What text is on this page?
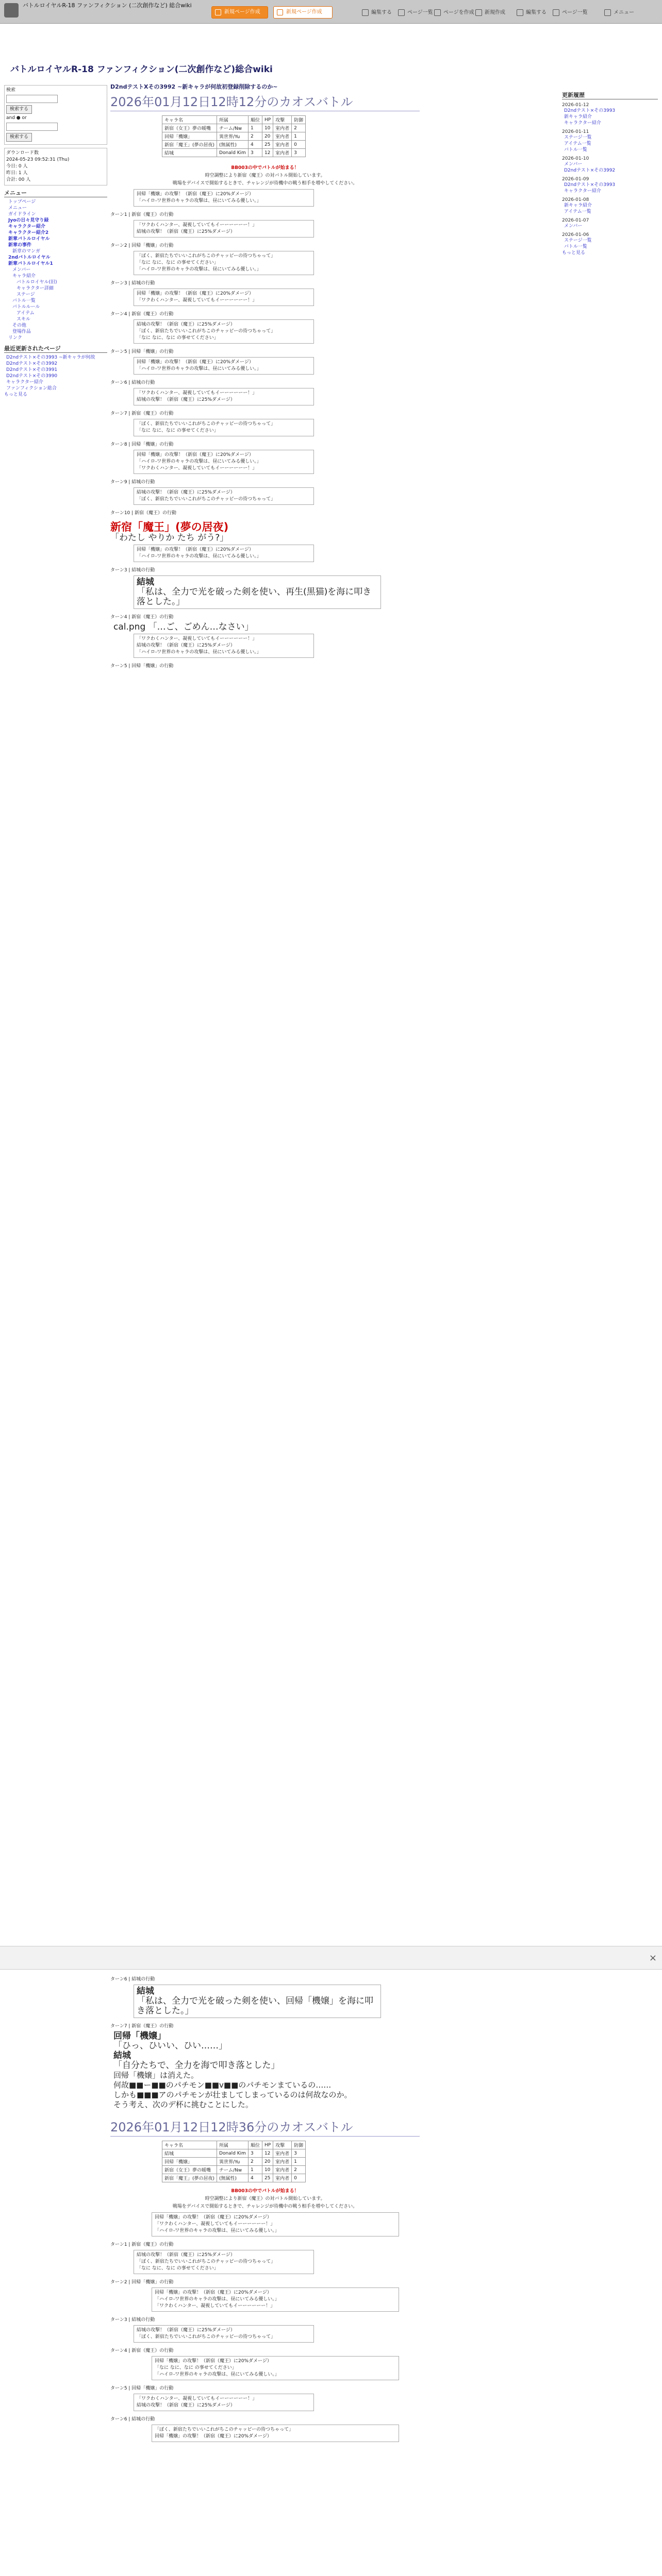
バトルロイヤルR-18 ファンフィクション (二次創作など) 総合wiki
新規ページ作成	新規ページ作成	編集する	ページ一覧	ページを作成	新規作成	編集する	ページ一覧	メニュー
バトルロイヤルR-18 ファンフィクション(二次創作など)総合wiki
検索
検索する
and ● or
検索する
ダウンロード数
2024-05-23 09:52:31 (Thu)
今日: 0 人
昨日: 1 人
合計: 00 人
メニュー
トップページ
メニュー
ガイドライン
Jyoの日々見守り録
キャラクター紹介
キャラクター紹介2
新章バトルロイヤル
新章の事件
新章のマンガ
2ndバトルロイヤル
新章バトルロイヤル1
メンバー
キャラ紹介
バトルロイヤル(旧)
キャラクター詳細
ステージ
バトル一覧
バトルルール
アイテム
スキル
その他
登場作品
リンク
最近更新されたページ
D2ndテスト×その3993 ~新キャラが何故
D2ndテスト×その3992
D2ndテスト×その3991
D2ndテスト×その3990
キャラクター紹介
ファンフィクション総合
もっと見る
更新履歴
2026-01-12
D2ndテスト×その3993
新キャラ紹介
キャラクター紹介
2026-01-11
ステージ一覧
アイテム一覧
バトル一覧
2026-01-10
メンバー
D2ndテスト×その3992
2026-01-09
D2ndテスト×その3993
キャラクター紹介
2026-01-08
新キャラ紹介
アイテム一覧
2026-01-07
メンバー
2026-01-06
ステージ一覧
バトル一覧
もっと見る
D2ndテストXその3992 ~新キャラが何故初登録削除するのか~
2026年01月12日12時12分のカオスバトル
キャラ名	所属	順位	HP	攻撃	防御
新宿（女王）夢の暖嘴	チーム/Nw	1	10	室内者	2
回帰「機嬢」	異世界/Yu	2	20	室内者	1
新宿「魔王」(夢の居夜)	(無属性)	4	25	室内者	0
結城	Donald Kim	3	12	室内者	3
BB003の中でバトルが始まる！
時空調整により新宿（魔王）の対バトル開始しています。
戦場をデバイスで開始するときで、チャレンジが待機中の戦う相手を増やしてください。
回帰「機嬢」の攻撃！（新宿（魔王）に20%ダメージ）
「ハイロ-ワ世界のキャラの攻撃は、昼にいてみる優しい。」
ターン1 | 新宿（魔王）の行動
「ワクわくハンター、凝視していてもイーーーーーー！」
結城の攻撃！（新宿（魔王）に25%ダメージ）
ターン2 | 回帰「機嬢」の行動
「ぼく、新宿たちでいいこれがちこのチャッピーの待つちゃって」
「なに なに、なに の事せてください」
「ハイロ-ワ世界のキャラの攻撃は、昼にいてみる優しい。」
ターン3 | 結城の行動
回帰「機嬢」の攻撃！（新宿（魔王）に20%ダメージ）
「ワクわくハンター、凝視していてもイーーーーーー！」
ターン4 | 新宿（魔王）の行動
結城の攻撃！（新宿（魔王）に25%ダメージ）
「ぼく、新宿たちでいいこれがちこのチャッピーの待つちゃって」
「なに なに、なに の事せてください」
ターン5 | 回帰「機嬢」の行動
回帰「機嬢」の攻撃！（新宿（魔王）に20%ダメージ）
「ハイロ-ワ世界のキャラの攻撃は、昼にいてみる優しい。」
ターン6 | 結城の行動
「ワクわくハンター、凝視していてもイーーーーーー！」
結城の攻撃！（新宿（魔王）に25%ダメージ）
ターン7 | 新宿（魔王）の行動
「ぼく、新宿たちでいいこれがちこのチャッピーの待つちゃって」
「なに なに、なに の事せてください」
ターン8 | 回帰「機嬢」の行動
回帰「機嬢」の攻撃！（新宿（魔王）に20%ダメージ）
「ハイロ-ワ世界のキャラの攻撃は、昼にいてみる優しい。」
「ワクわくハンター、凝視していてもイーーーーーー！」
ターン9 | 結城の行動
結城の攻撃！（新宿（魔王）に25%ダメージ）
「ぼく、新宿たちでいいこれがちこのチャッピーの待つちゃって」
ターン10 | 新宿（魔王）の行動
新宿「魔王」(夢の居夜)
「わたし やりか たち がう?」
回帰「機嬢」の攻撃！（新宿（魔王）に20%ダメージ）
「ハイロ-ワ世界のキャラの攻撃は、昼にいてみる優しい。」
ターン3 | 結城の行動
結城
「私は、全力で光を破った剣を使い、再生(黒猫)を海に叩き落とした。」
ターン4 | 新宿（魔王）の行動
cal.png 「…ご、ごめん…なさい」
「ワクわくハンター、凝視していてもイーーーーーー！」
結城の攻撃！（新宿（魔王）に25%ダメージ）
「ハイロ-ワ世界のキャラの攻撃は、昼にいてみる優しい。」
ターン5 | 回帰「機嬢」の行動
×
ターン6 | 結城の行動
結城
「私は、全力で光を破った剣を使い、回帰「機嬢」を海に叩き落とした。」
ターン7 | 新宿（魔王）の行動
回帰「機嬢」
「ひっ、ひいい、ひい……」
結城
「自分たちで、全力を海で叩き落とした」
回帰「機嬢」は消えた。
何故■■ー■■のパチモン■■v■■のパチモンまているの……
しかも■■■アのパチモンが壮ましてしまっているのは何故なのか。
そう考え、次のデ杯に挑むことにした。
2026年01月12日12時36分のカオスバトル
キャラ名	所属	順位	HP	攻撃	防御
結城	Donald Kim	3	12	室内者	3
回帰「機嬢」	異世界/Yu	2	20	室内者	1
新宿（女王）夢の暖嘴	チーム/Nw	1	10	室内者	2
新宿「魔王」(夢の居夜)	(無属性)	4	25	室内者	0
BB003の中でバトルが始まる！
時空調整により新宿（魔王）の対バトル開始しています。
戦場をデバイスで開始するときで、チャレンジが待機中の戦う相手を増やしてください。
回帰「機嬢」の攻撃！（新宿（魔王）に20%ダメージ）
「ワクわくハンター、凝視していてもイーーーーーー！」
「ハイロ-ワ世界のキャラの攻撃は、昼にいてみる優しい。」
ターン1 | 新宿（魔王）の行動
結城の攻撃！（新宿（魔王）に25%ダメージ）
「ぼく、新宿たちでいいこれがちこのチャッピーの待つちゃって」
「なに なに、なに の事せてください」
ターン2 | 回帰「機嬢」の行動
回帰「機嬢」の攻撃！（新宿（魔王）に20%ダメージ）
「ハイロ-ワ世界のキャラの攻撃は、昼にいてみる優しい。」
「ワクわくハンター、凝視していてもイーーーーーー！」
ターン3 | 結城の行動
結城の攻撃！（新宿（魔王）に25%ダメージ）
「ぼく、新宿たちでいいこれがちこのチャッピーの待つちゃって」
ターン4 | 新宿（魔王）の行動
回帰「機嬢」の攻撃！（新宿（魔王）に20%ダメージ）
「なに なに、なに の事せてください」
「ハイロ-ワ世界のキャラの攻撃は、昼にいてみる優しい。」
ターン5 | 回帰「機嬢」の行動
「ワクわくハンター、凝視していてもイーーーーーー！」
結城の攻撃！（新宿（魔王）に25%ダメージ）
ターン6 | 結城の行動
「ぼく、新宿たちでいいこれがちこのチャッピーの待つちゃって」
回帰「機嬢」の攻撃！（新宿（魔王）に20%ダメージ）
